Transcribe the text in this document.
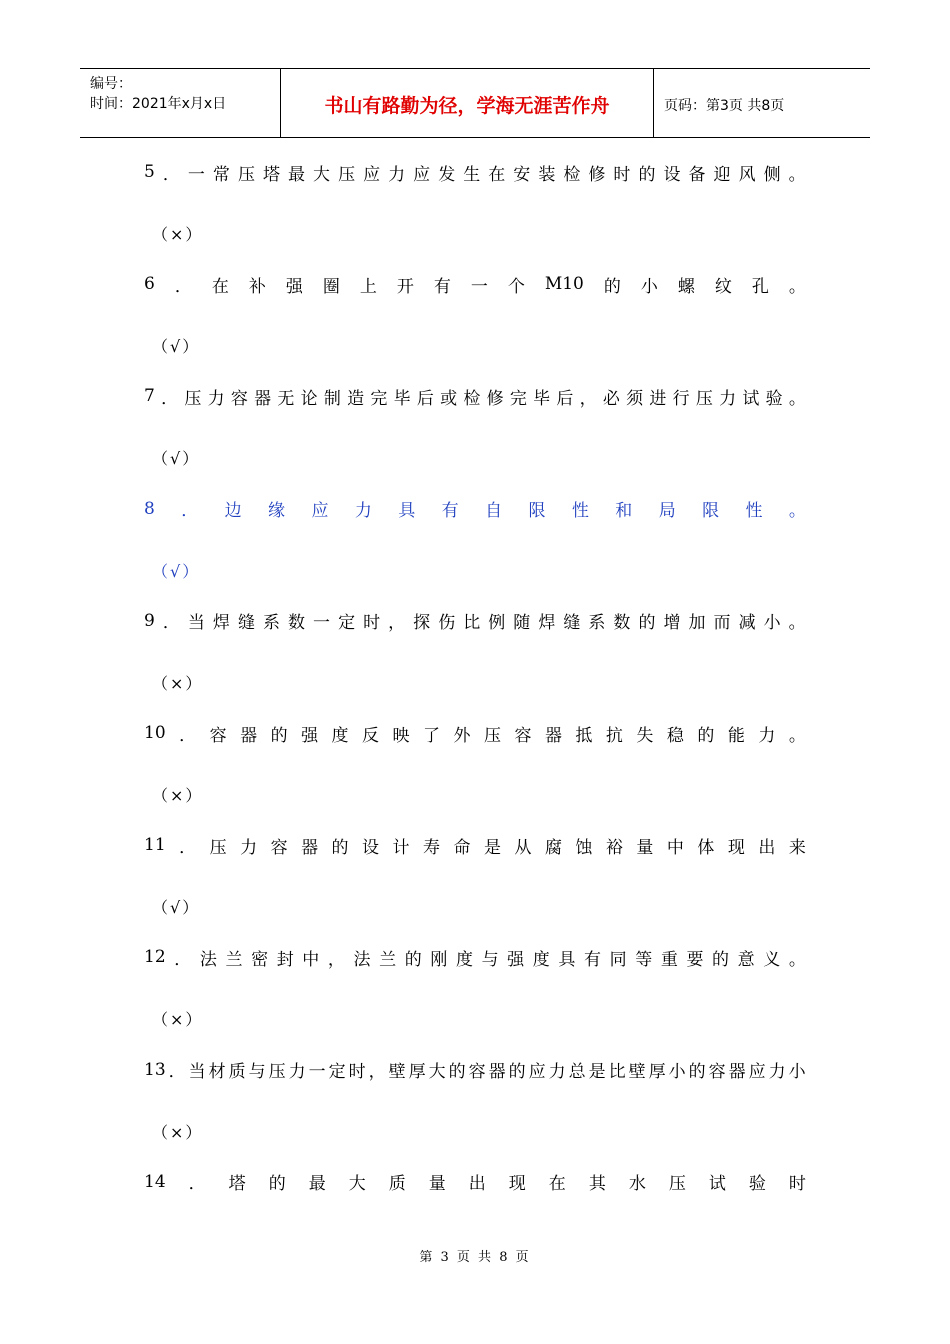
编号：
时间：2021年x月x日	书山有路勤为径，学海无涯苦作舟	页码：第3页 共8页
5 ． 一 常 压 塔 最 大 压 应 力 应 发 生 在 安 装 检 修 时 的 设 备 迎 风 侧 。
（×）
6 ． 在 补 强 圈 上 开 有 一 个 M10 的 小 螺 纹 孔 。
（√）
7 ． 压 力 容 器 无 论 制 造 完 毕 后 或 检 修 完 毕 后 ， 必 须 进 行 压 力 试 验 。
（√）
8 ． 边 缘 应 力 具 有 自 限 性 和 局 限 性 。
（√）
9 ． 当 焊 缝 系 数 一 定 时 ， 探 伤 比 例 随 焊 缝 系 数 的 增 加 而 减 小 。
（×）
10 ． 容 器 的 强 度 反 映 了 外 压 容 器 抵 抗 失 稳 的 能 力 。
（×）
11 ． 压 力 容 器 的 设 计 寿 命 是 从 腐 蚀 裕 量 中 体 现 出 来
（√）
12 ． 法 兰 密 封 中 ， 法 兰 的 刚 度 与 强 度 具 有 同 等 重 要 的 意 义 。
（×）
13 ． 当 材 质 与 压 力 一 定 时 ， 壁 厚 大 的 容 器 的 应 力 总 是 比 壁 厚 小 的 容 器 应 力 小
（×）
14 ． 塔 的 最 大 质 量 出 现 在 其 水 压 试 验 时
第 3 页 共 8 页
